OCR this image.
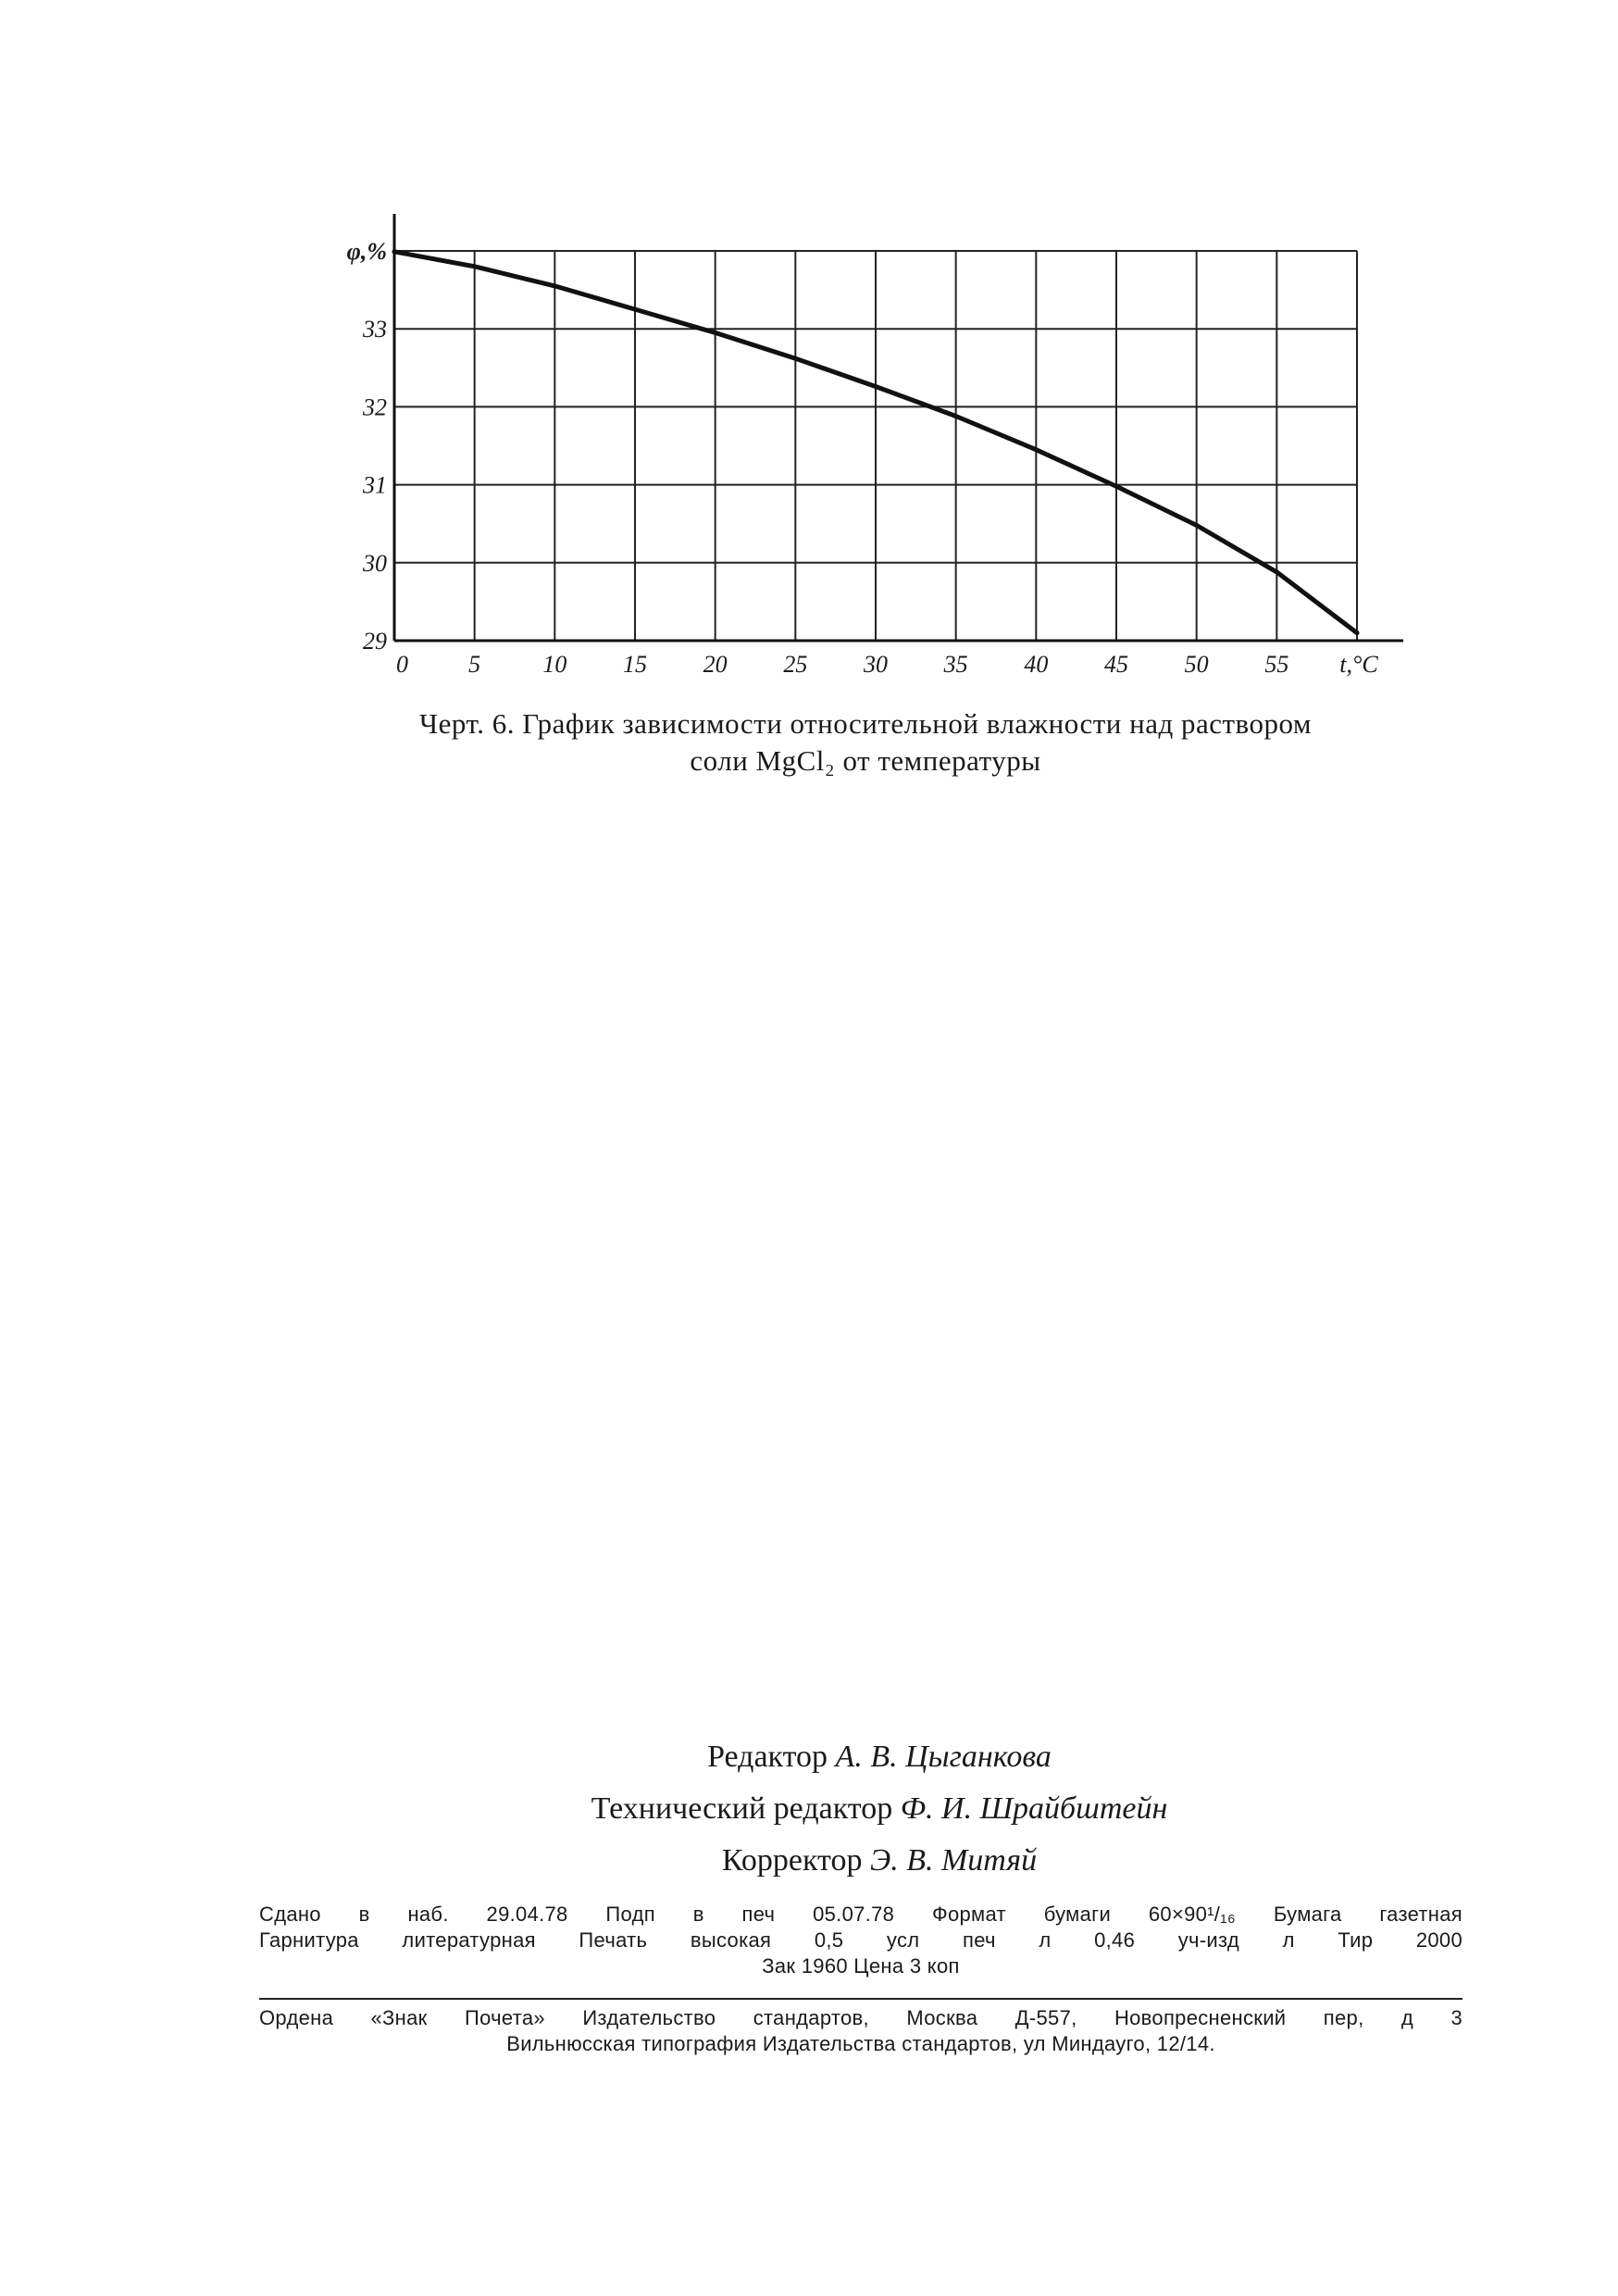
0	5	10 15 20 25 30 35 40 45 50 55 t,°C
33
32
31
30
29
φ,%
Черт. 6. График зависимости относительной влажности над раствором
соли MgCl₂ от температуры
Редактор А. В. Цыганкова
Технический редактор Ф. И. Шрайбштейн
Корректор Э. В. Митяй
Сдано в наб. 29.04.78 Подп в печ 05.07.78 Формат бумаги 60×90¹/₁₆ Бумага газетная
Гарнитура литературная Печать высокая 0,5 усл печ л 0,46 уч-изд л Тир 2000
Зак 1960 Цена 3 коп
Ордена «Знак Почета» Издательство стандартов, Москва Д-557, Новопресненский пер, д 3
Вильнюсская типография Издательства стандартов, ул Миндауго, 12/14.
